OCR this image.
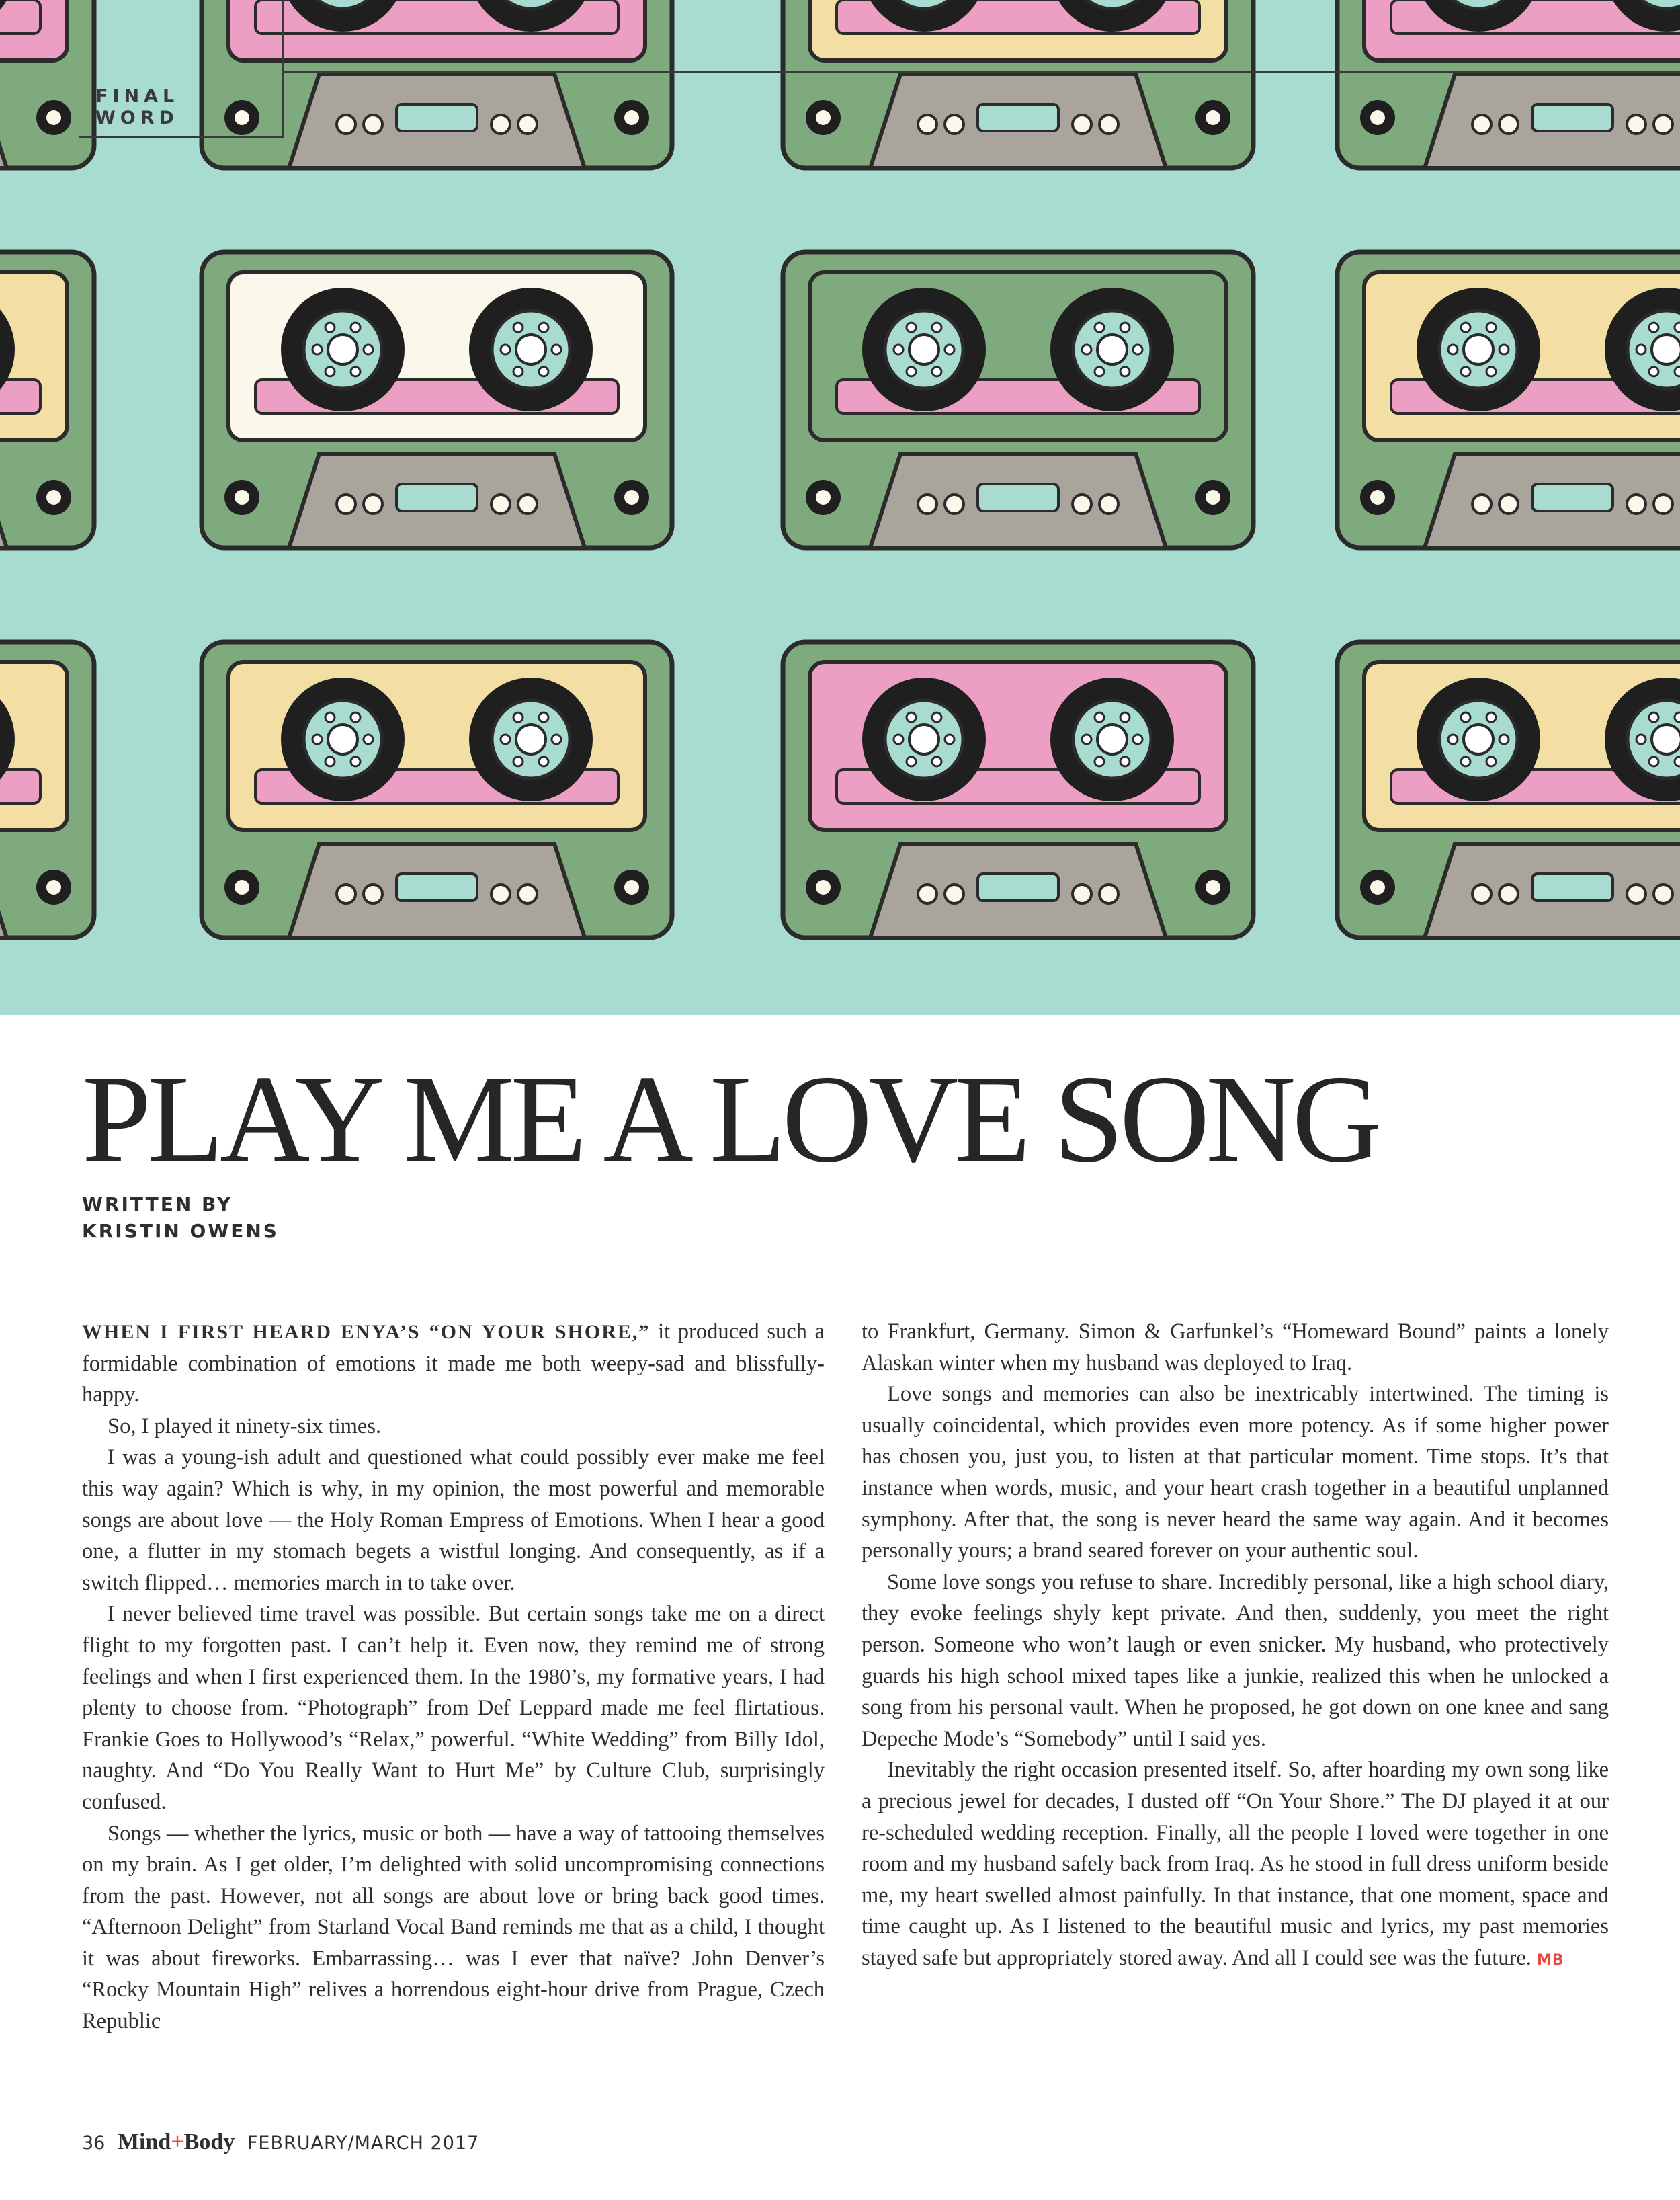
FINAL WORD
PLAY ME A LOVE SONG
WRITTEN BY
KRISTIN OWENS

WHEN I FIRST HEARD ENYA’S “ON YOUR SHORE,” it produced such a formidable combination of emotions it made me both weepy-sad and blissfully-happy.

So, I played it ninety-six times.

I was a young-ish adult and questioned what could possibly ever make me feel this way again? Which is why, in my opinion, the most powerful and memorable songs are about love — the Holy Roman Empress of Emotions. When I hear a good one, a flutter in my stomach begets a wistful longing. And consequently, as if a switch flipped… memories march in to take over.

I never believed time travel was possible. But certain songs take me on a direct flight to my forgotten past. I can’t help it. Even now, they remind me of strong feelings and when I first experienced them. In the 1980’s, my formative years, I had plenty to choose from. “Photograph” from Def Leppard made me feel flirtatious. Frankie Goes to Hollywood’s “Relax,” powerful. “White Wedding” from Billy Idol, naughty. And “Do You Really Want to Hurt Me” by Culture Club, surprisingly confused.

Songs — whether the lyrics, music or both — have a way of tattooing themselves on my brain. As I get older, I’m delighted with solid uncompromising connections from the past. However, not all songs are about love or bring back good times. “Afternoon Delight” from Starland Vocal Band reminds me that as a child, I thought it was about fireworks. Embarrassing… was I ever that naïve? John Denver’s “Rocky Mountain High” relives a horrendous eight-hour drive from Prague, Czech Republic

to Frankfurt, Germany. Simon & Garfunkel’s “Homeward Bound” paints a lonely Alaskan winter when my husband was deployed to Iraq.

Love songs and memories can also be inextricably intertwined. The timing is usually coincidental, which provides even more potency. As if some higher power has chosen you, just you, to listen at that particular moment. Time stops. It’s that instance when words, music, and your heart crash together in a beautiful unplanned symphony. After that, the song is never heard the same way again. And it becomes personally yours; a brand seared forever on your authentic soul.

Some love songs you refuse to share. Incredibly personal, like a high school diary, they evoke feelings shyly kept private. And then, suddenly, you meet the right person. Someone who won’t laugh or even snicker. My husband, who protectively guards his high school mixed tapes like a junkie, realized this when he unlocked a song from his personal vault. When he proposed, he got down on one knee and sang Depeche Mode’s “Somebody” until I said yes.

Inevitably the right occasion presented itself. So, after hoarding my own song like a precious jewel for decades, I dusted off “On Your Shore.” The DJ played it at our re-scheduled wedding reception. Finally, all the people I loved were together in one room and my husband safely back from Iraq. As he stood in full dress uniform beside me, my heart swelled almost painfully. In that instance, that one moment, space and time caught up. As I listened to the beautiful music and lyrics, my past memories stayed safe but appropriately stored away. And all I could see was the future. MB

36 Mind+Body FEBRUARY/MARCH 2017
